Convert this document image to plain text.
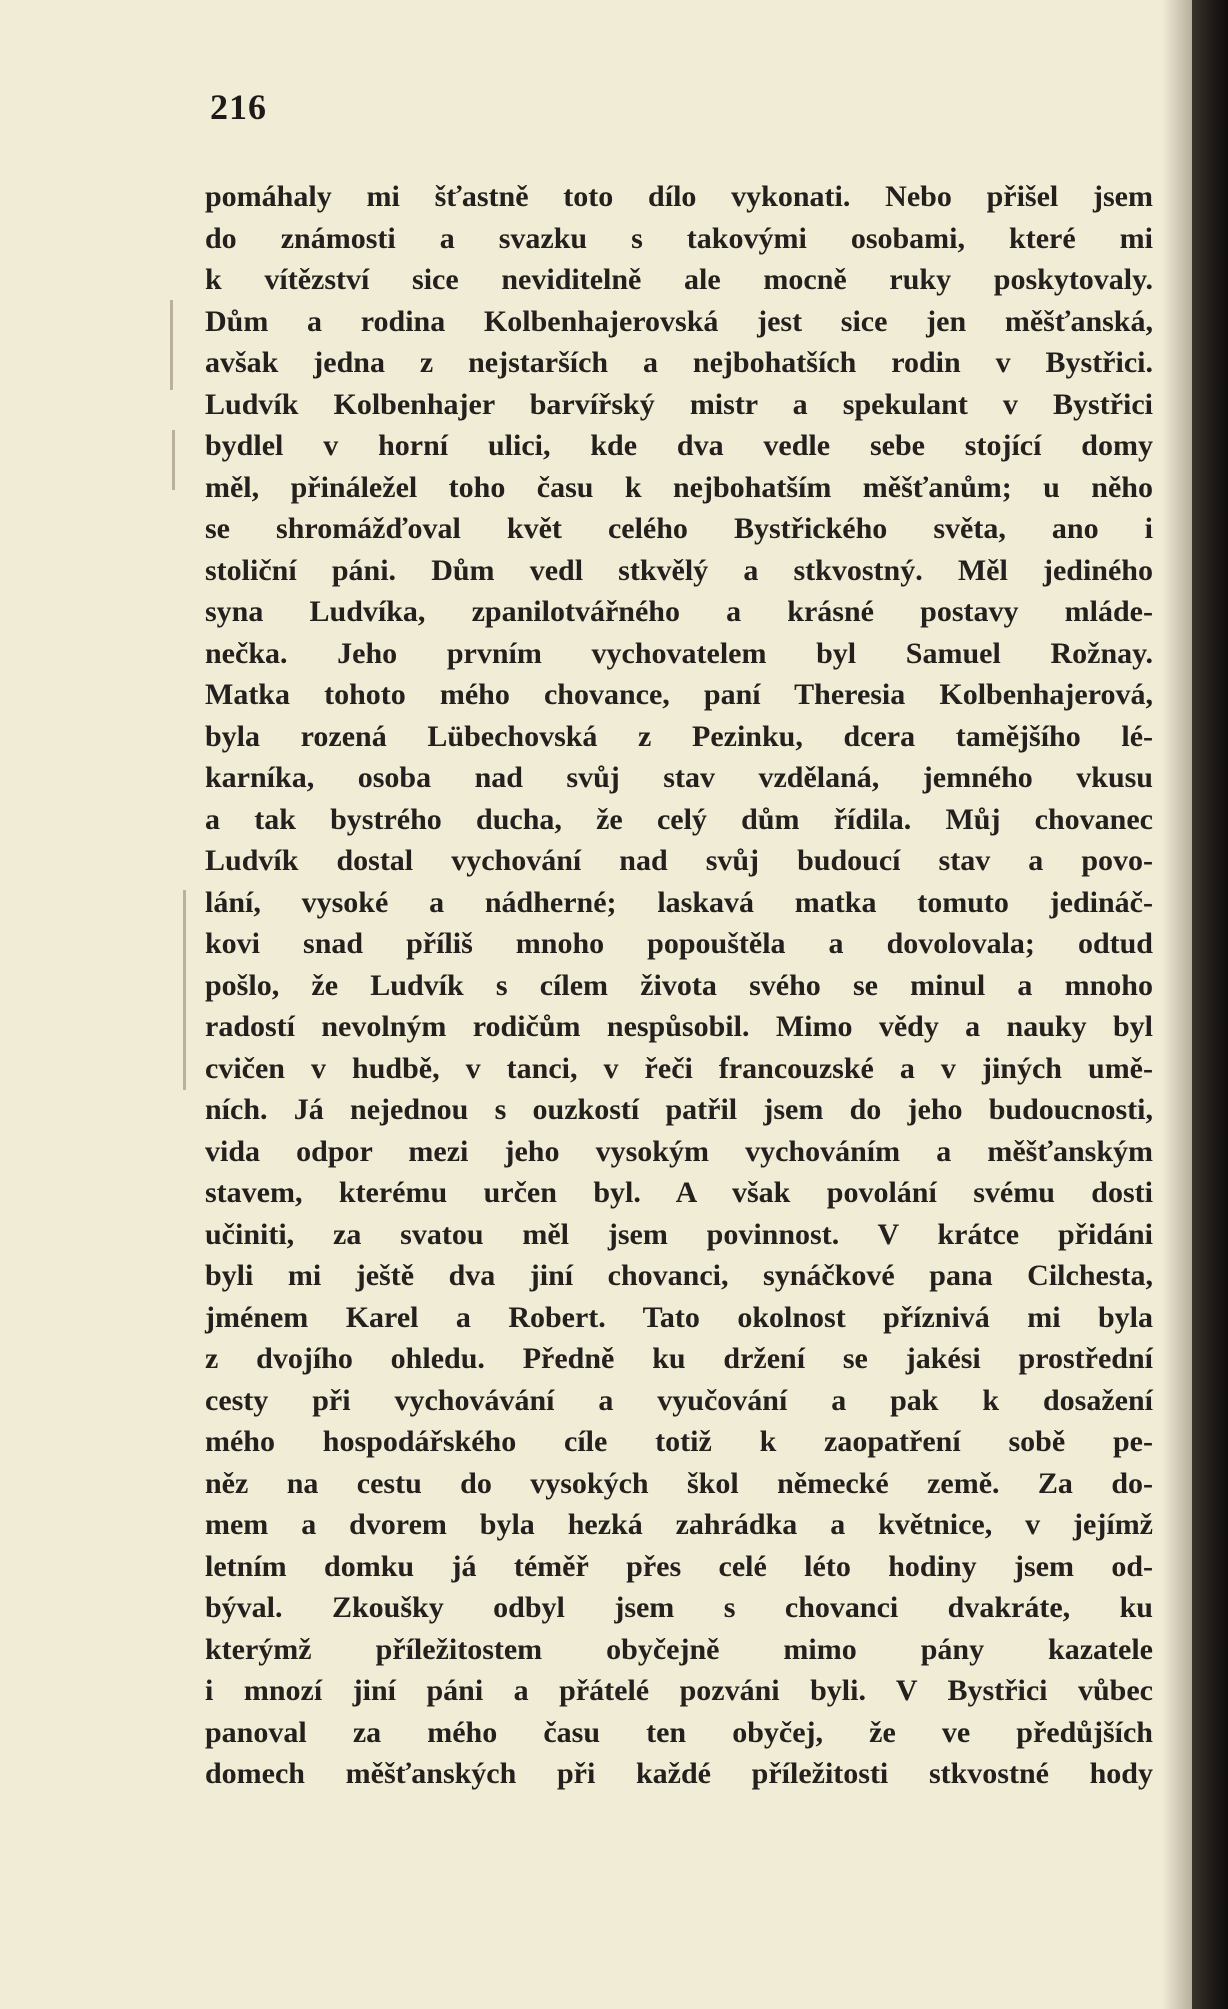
216
pomáhaly mi šťastně toto dílo vykonati. Nebo přišel jsem
do známosti a svazku s takovými osobami, které mi
k vítězství sice neviditelně ale mocně ruky poskytovaly.
Dům a rodina Kolbenhajerovská jest sice jen měšťanská,
avšak jedna z nejstarších a nejbohatších rodin v Bystřici.
Ludvík Kolbenhajer barvířský mistr a spekulant v Bystřici
bydlel v horní ulici, kde dva vedle sebe stojící domy
měl, přináležel toho času k nejbohatším měšťanům; u něho
se shromážďoval květ celého Bystřického světa, ano i
stoliční páni. Dům vedl stkvělý a stkvostný. Měl jediného
syna Ludvíka, zpanilotvářného a krásné postavy mláde-
nečka. Jeho prvním vychovatelem byl Samuel Rožnay.
Matka tohoto mého chovance, paní Theresia Kolbenhajerová,
byla rozená Lübechovská z Pezinku, dcera tamějšího lé-
karníka, osoba nad svůj stav vzdělaná, jemného vkusu
a tak bystrého ducha, že celý dům řídila. Můj chovanec
Ludvík dostal vychování nad svůj budoucí stav a povo-
lání, vysoké a nádherné; laskavá matka tomuto jedináč-
kovi snad příliš mnoho popouštěla a dovolovala; odtud
pošlo, že Ludvík s cílem života svého se minul a mnoho
radostí nevolným rodičům nespůsobil. Mimo vědy a nauky byl
cvičen v hudbě, v tanci, v řeči francouzské a v jiných umě-
ních. Já nejednou s ouzkostí patřil jsem do jeho budoucnosti,
vida odpor mezi jeho vysokým vychováním a měšťanským
stavem, kterému určen byl. A však povolání svému dosti
učiniti, za svatou měl jsem povinnost. V krátce přidáni
byli mi ještě dva jiní chovanci, synáčkové pana Cilchesta,
jménem Karel a Robert. Tato okolnost příznivá mi byla
z dvojího ohledu. Předně ku držení se jakési prostřední
cesty při vychovávání a vyučování a pak k dosažení
mého hospodářského cíle totiž k zaopatření sobě pe-
něz na cestu do vysokých škol německé země. Za do-
mem a dvorem byla hezká zahrádka a květnice, v jejímž
letním domku já téměř přes celé léto hodiny jsem od-
býval. Zkoušky odbyl jsem s chovanci dvakráte, ku
kterýmž příležitostem obyčejně mimo pány kazatele
i mnozí jiní páni a přátelé pozváni byli. V Bystřici vůbec
panoval za mého času ten obyčej, že ve předůjších
domech měšťanských při každé příležitosti stkvostné hody
